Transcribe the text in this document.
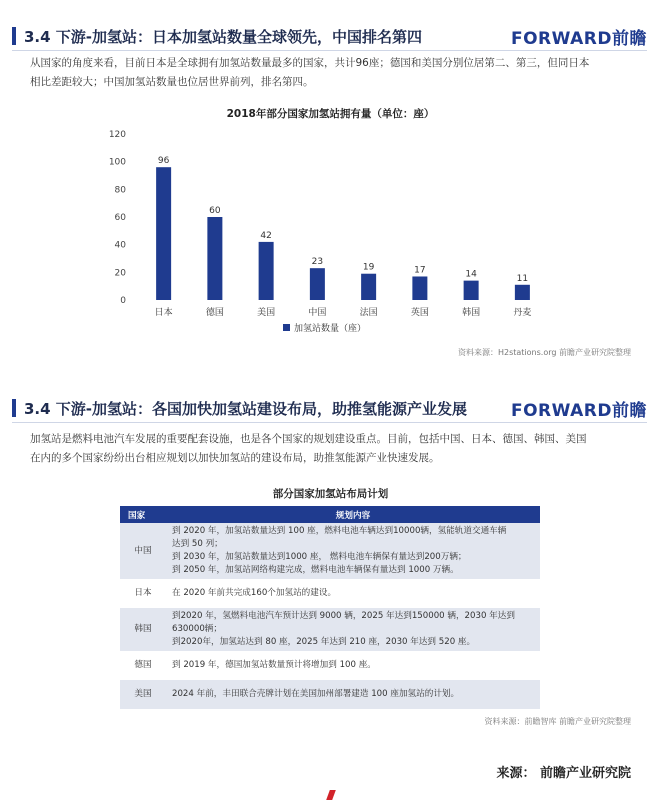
3.4 下游-加氢站：日本加氢站数量全球领先，中国排名第四	FORWARD前瞻
从国家的角度来看，目前日本是全球拥有加氢站数量最多的国家，共计96座；德国和美国分别位居第二、第三，但同日本
相比差距较大；中国加氢站数量也位居世界前列，排名第四。
2018年部分国家加氢站拥有量（单位：座）
0
20
40
60
80
100
120
96
日本
60
德国
42
美国
23
中国
19
法国
17
英国
14
韩国
11
丹麦
加氢站数量（座）
资料来源：H2stations.org 前瞻产业研究院整理
3.4 下游-加氢站：各国加快加氢站建设布局，助推氢能源产业发展	FORWARD前瞻
加氢站是燃料电池汽车发展的重要配套设施，也是各个国家的规划建设重点。目前，包括中国、日本、德国、韩国、美国
在内的多个国家纷纷出台相应规划以加快加氢站的建设布局，助推氢能源产业快速发展。
部分国家加氢站布局计划
国家	规划内容
中国	到 2020 年，加氢站数量达到 100 座，燃料电池车辆达到10000辆，氢能轨道交通车辆
达到 50 列；
到 2030 年，加氢站数量达到1000 座， 燃料电池车辆保有量达到200万辆；
到 2050 年，加氢站网络构建完成，燃料电池车辆保有量达到 1000 万辆。

日本	在 2020 年前共完成160个加氢站的建设。

韩国	到2020 年，氢燃料电池汽车预计达到 9000 辆，2025 年达到150000 辆，2030 年达到
630000辆；
到2020年，加氢站达到 80 座，2025 年达到 210 座，2030 年达到 520 座。

德国	到 2019 年，德国加氢站数量预计将增加到 100 座。

美国	2024 年前，丰田联合壳牌计划在美国加州部署建造 100 座加氢站的计划。
资料来源：前瞻智库 前瞻产业研究院整理
来源： 前瞻产业研究院
